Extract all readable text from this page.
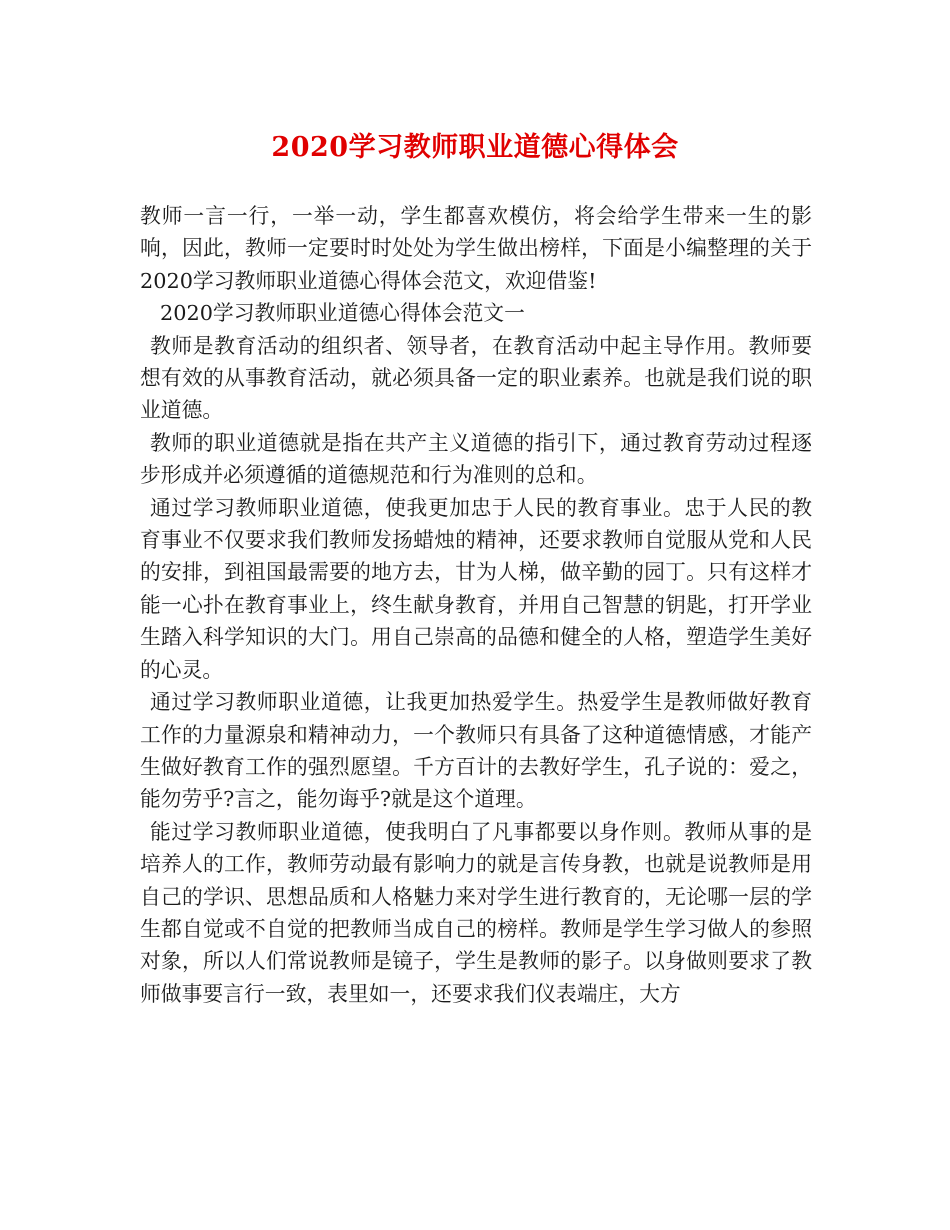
2020学习教师职业道德心得体会

教师一言一行，一举一动，学生都喜欢模仿，将会给学生带来一生的影响，因此，教师一定要时时处处为学生做出榜样，下面是小编整理的关于2020学习教师职业道德心得体会范文，欢迎借鉴!

2020学习教师职业道德心得体会范文一

教师是教育活动的组织者、领导者，在教育活动中起主导作用。教师要想有效的从事教育活动，就必须具备一定的职业素养。也就是我们说的职业道德。

教师的职业道德就是指在共产主义道德的指引下，通过教育劳动过程逐步形成并必须遵循的道德规范和行为准则的总和。

通过学习教师职业道德，使我更加忠于人民的教育事业。忠于人民的教育事业不仅要求我们教师发扬蜡烛的精神，还要求教师自觉服从党和人民的安排，到祖国最需要的地方去，甘为人梯，做辛勤的园丁。只有这样才能一心扑在教育事业上，终生献身教育，并用自己智慧的钥匙，打开学业生踏入科学知识的大门。用自己崇高的品德和健全的人格，塑造学生美好的心灵。

通过学习教师职业道德，让我更加热爱学生。热爱学生是教师做好教育工作的力量源泉和精神动力，一个教师只有具备了这种道德情感，才能产生做好教育工作的强烈愿望。千方百计的去教好学生，孔子说的：爱之，能勿劳乎?言之，能勿诲乎?就是这个道理。

能过学习教师职业道德，使我明白了凡事都要以身作则。教师从事的是培养人的工作，教师劳动最有影响力的就是言传身教，也就是说教师是用自己的学识、思想品质和人格魅力来对学生进行教育的，无论哪一层的学生都自觉或不自觉的把教师当成自己的榜样。教师是学生学习做人的参照对象，所以人们常说教师是镜子，学生是教师的影子。以身做则要求了教师做事要言行一致，表里如一，还要求我们仪表端庄，大方
